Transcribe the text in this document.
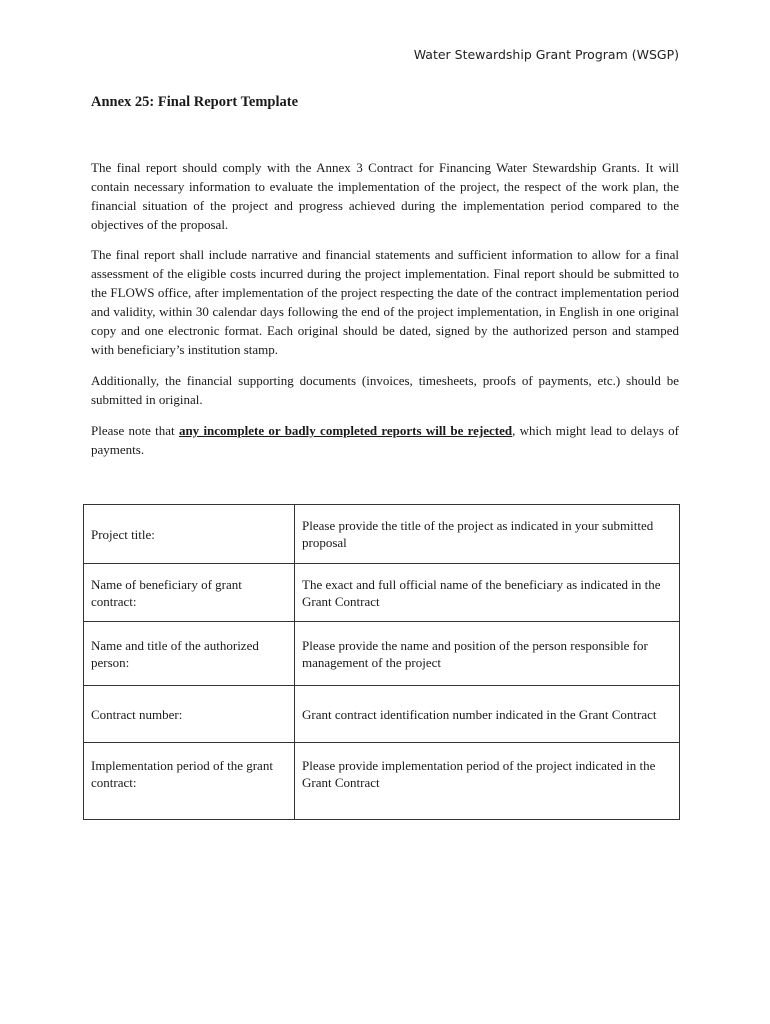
Water Stewardship Grant Program (WSGP)
Annex 25: Final Report Template

The final report should comply with the Annex 3 Contract for Financing Water Stewardship Grants. It will contain necessary information to evaluate the implementation of the project, the respect of the work plan, the financial situation of the project and progress achieved during the implementation period compared to the objectives of the proposal.

The final report shall include narrative and financial statements and sufficient information to allow for a final assessment of the eligible costs incurred during the project implementation. Final report should be submitted to the FLOWS office, after implementation of the project respecting the date of the contract implementation period and validity, within 30 calendar days following the end of the project implementation, in English in one original copy and one electronic format. Each original should be dated, signed by the authorized person and stamped with beneficiary’s institution stamp.

Additionally, the financial supporting documents (invoices, timesheets, proofs of payments, etc.) should be submitted in original.

Please note that any incomplete or badly completed reports will be rejected, which might lead to delays of payments.

Project title:	Please provide the title of the project as indicated in your submitted proposal
Name of beneficiary of grant contract:	The exact and full official name of the beneficiary as indicated in the Grant Contract
Name and title of the authorized person:	Please provide the name and position of the person responsible for management of the project
Contract number:	Grant contract identification number indicated in the Grant Contract
Implementation period of the grant contract:	Please provide implementation period of the project indicated in the Grant Contract
